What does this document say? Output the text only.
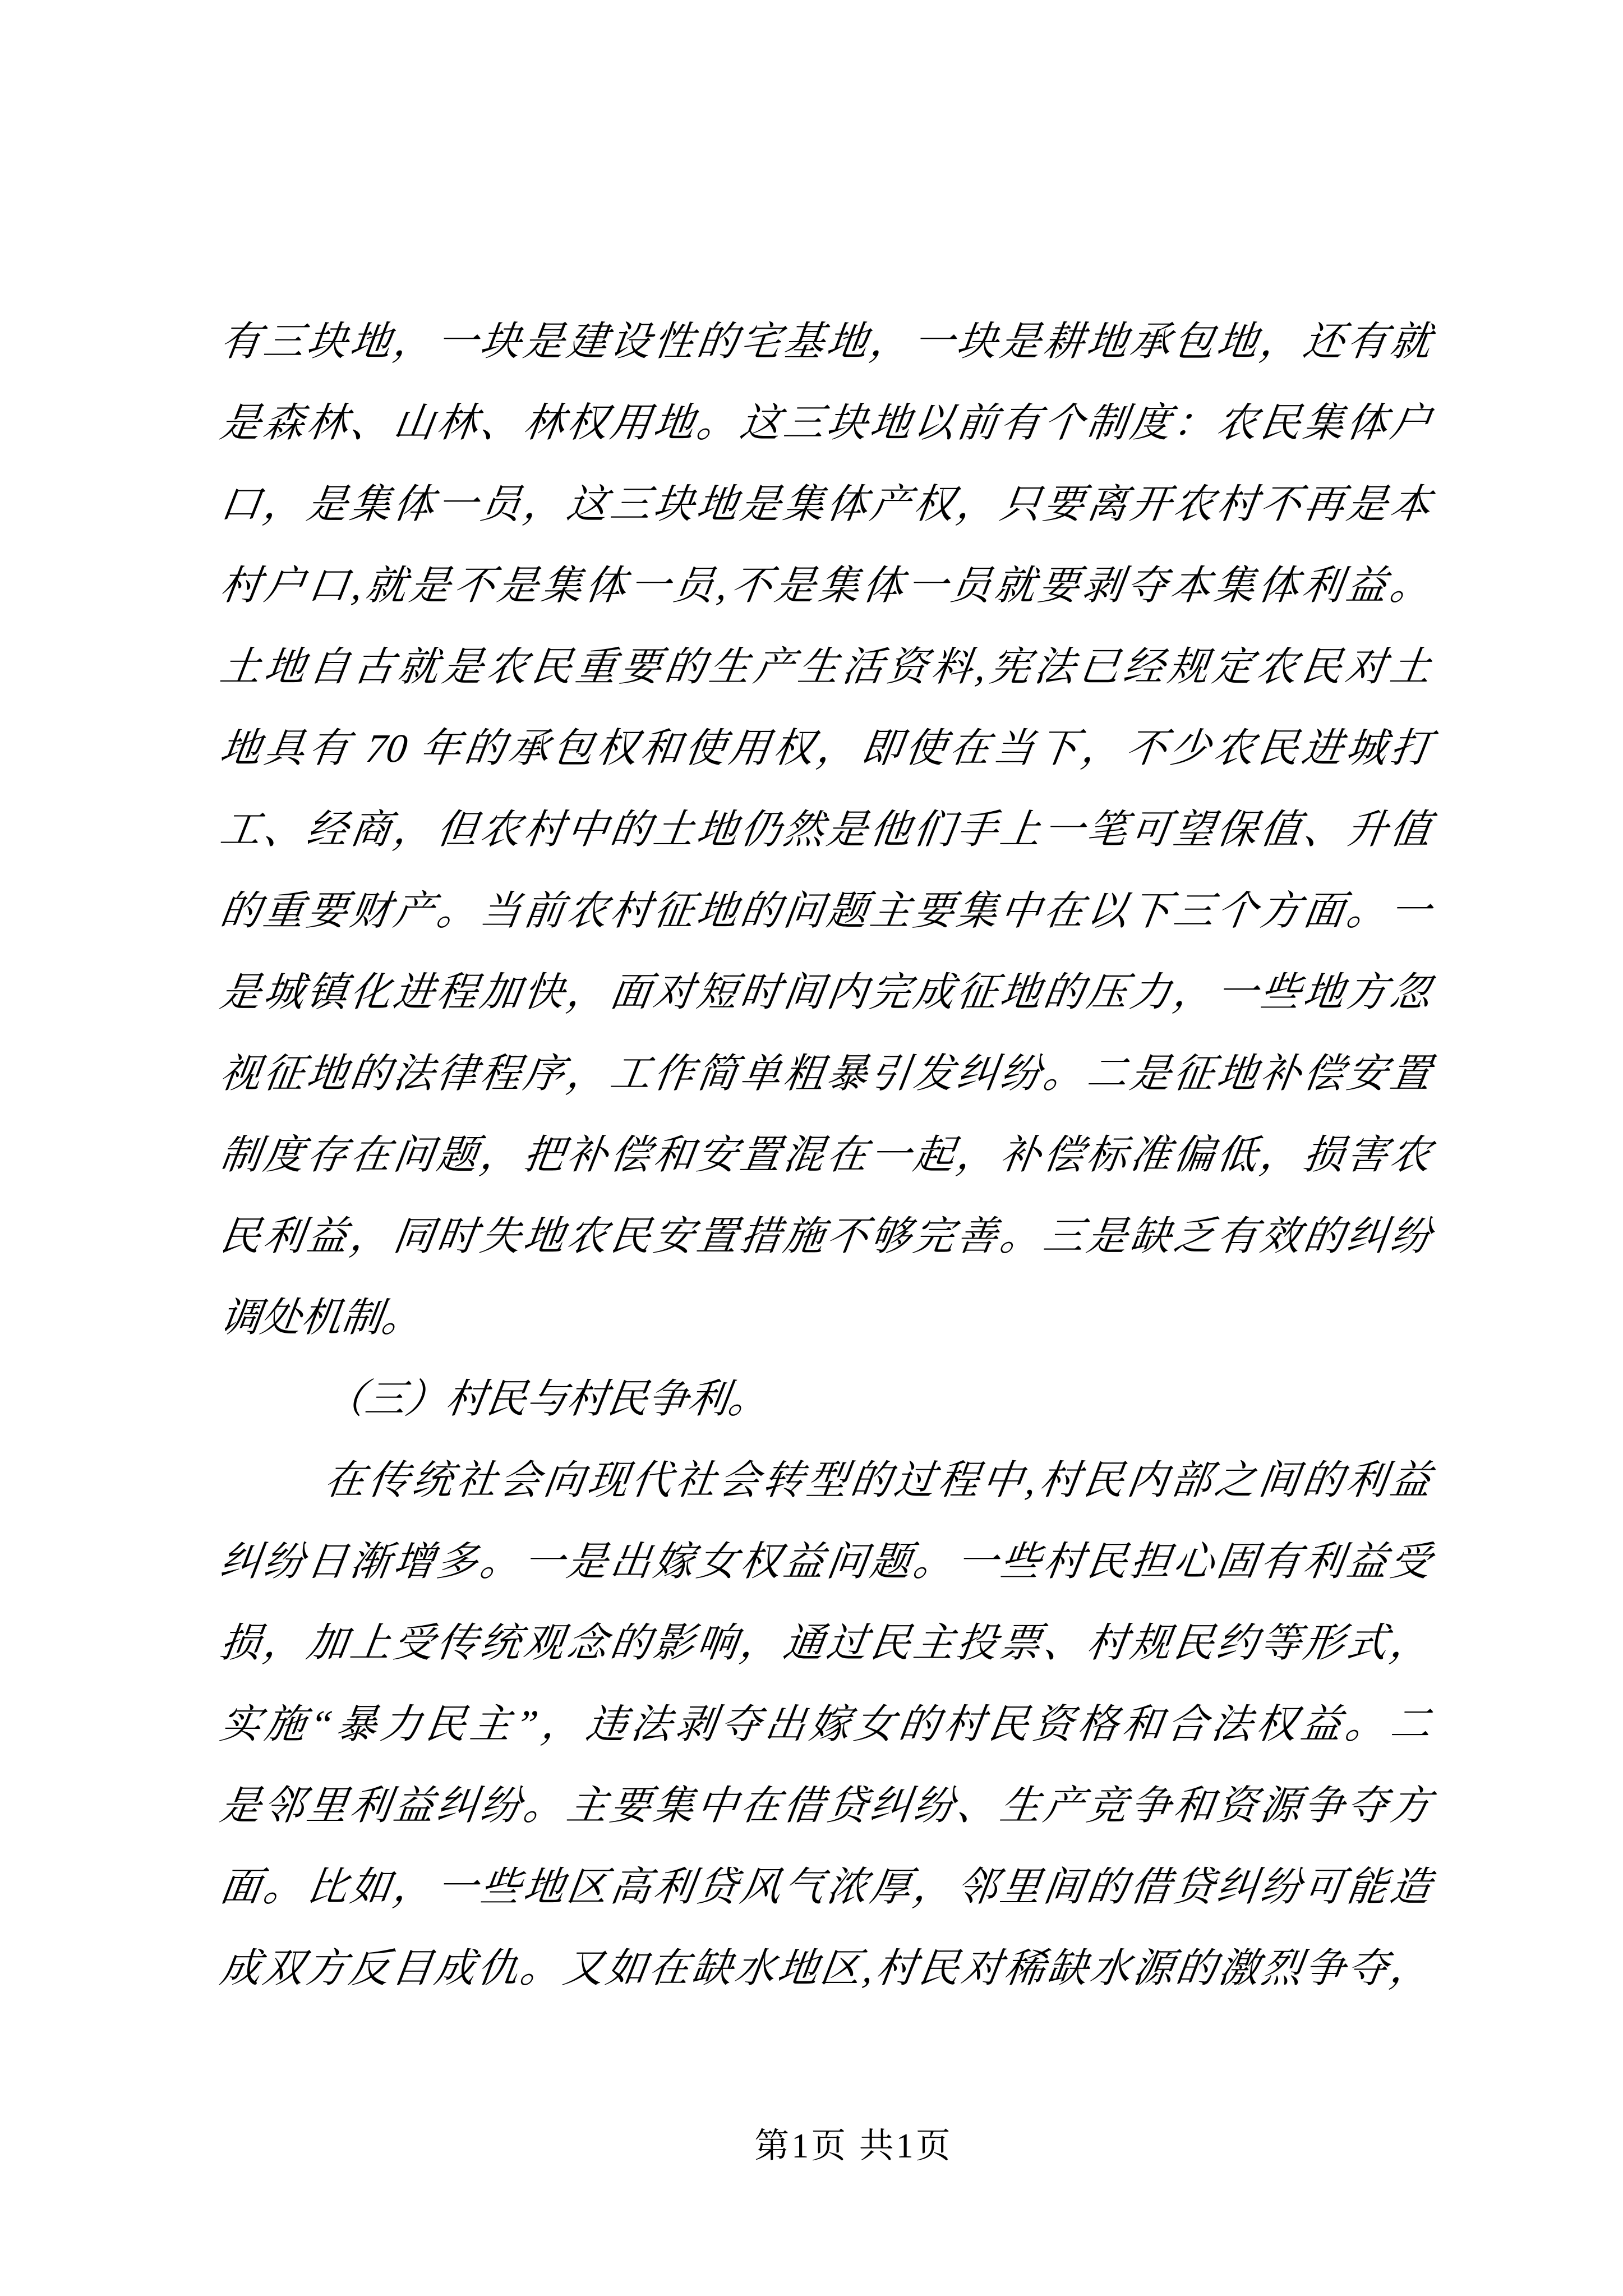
有三块地，一块是建设性的宅基地，一块是耕地承包地，还有就
是森林、山林、林权用地。这三块地以前有个制度：农民集体户
口，是集体一员，这三块地是集体产权，只要离开农村不再是本
村户口,就是不是集体一员,不是集体一员就要剥夺本集体利益。
土地自古就是农民重要的生产生活资料,宪法已经规定农民对土
地具有 70 年的承包权和使用权，即使在当下，不少农民进城打
工、经商，但农村中的土地仍然是他们手上一笔可望保值、升值
的重要财产。当前农村征地的问题主要集中在以下三个方面。一
是城镇化进程加快，面对短时间内完成征地的压力，一些地方忽
视征地的法律程序，工作简单粗暴引发纠纷。二是征地补偿安置
制度存在问题，把补偿和安置混在一起，补偿标准偏低，损害农
民利益，同时失地农民安置措施不够完善。三是缺乏有效的纠纷
调处机制。
（三）村民与村民争利。
在传统社会向现代社会转型的过程中,村民内部之间的利益
纠纷日渐增多。一是出嫁女权益问题。一些村民担心固有利益受
损，加上受传统观念的影响，通过民主投票、村规民约等形式，
实施“暴力民主”，违法剥夺出嫁女的村民资格和合法权益。二
是邻里利益纠纷。主要集中在借贷纠纷、生产竞争和资源争夺方
面。比如，一些地区高利贷风气浓厚，邻里间的借贷纠纷可能造
成双方反目成仇。又如在缺水地区,村民对稀缺水源的激烈争夺，
第1页 共1页
